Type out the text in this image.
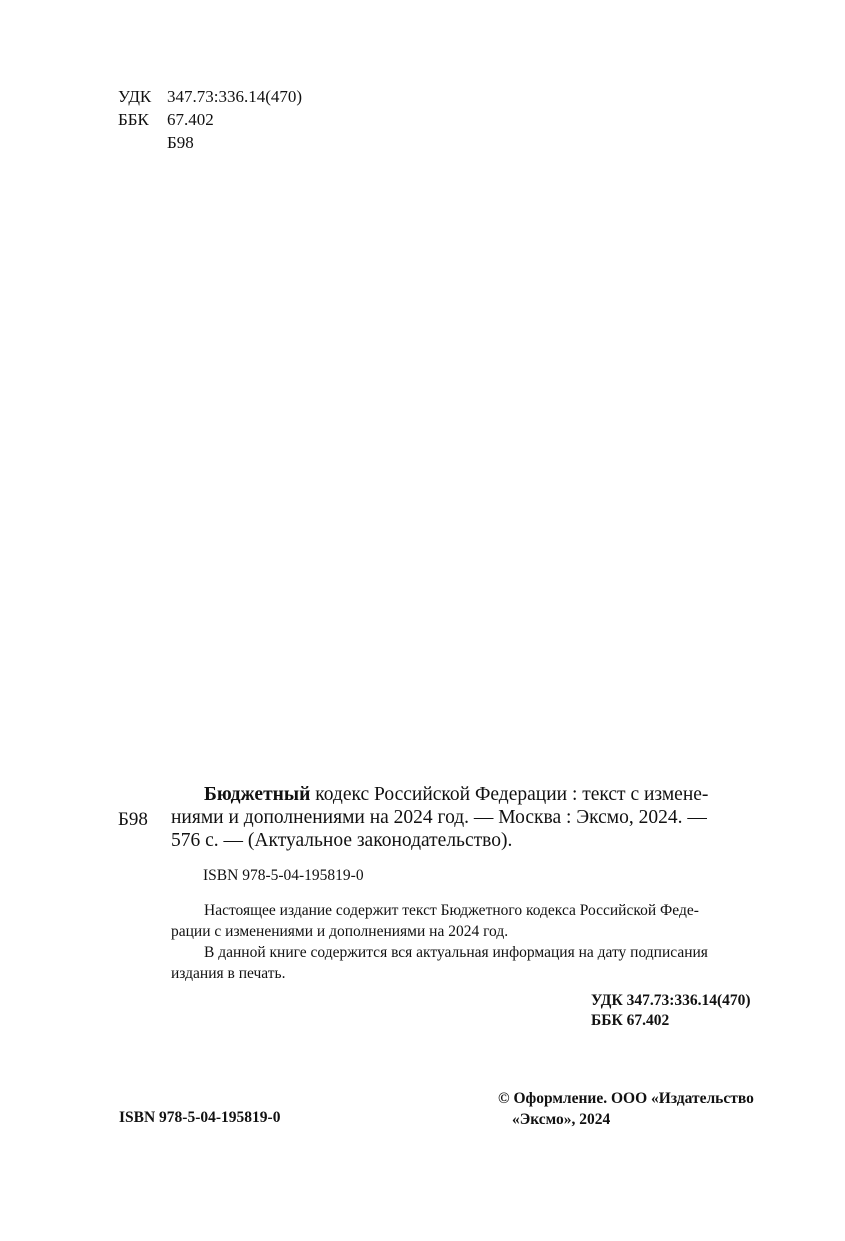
УДК 347.73:336.14(470)
ББК 67.402
Б98
Б98
Бюджетный кодекс Российской Федерации : текст с измене-
ниями и дополнениями на 2024 год. — Москва : Эксмо, 2024. —
576 с. — (Актуальное законодательство).
ISBN 978-5-04-195819-0
Настоящее издание содержит текст Бюджетного кодекса Российской Феде-
рации с изменениями и дополнениями на 2024 год.
В данной книге содержится вся актуальная информация на дату подписания
издания в печать.
УДК 347.73:336.14(470)
ББК 67.402
© Оформление. ООО «Издательство
«Эксмо», 2024
ISBN 978-5-04-195819-0
